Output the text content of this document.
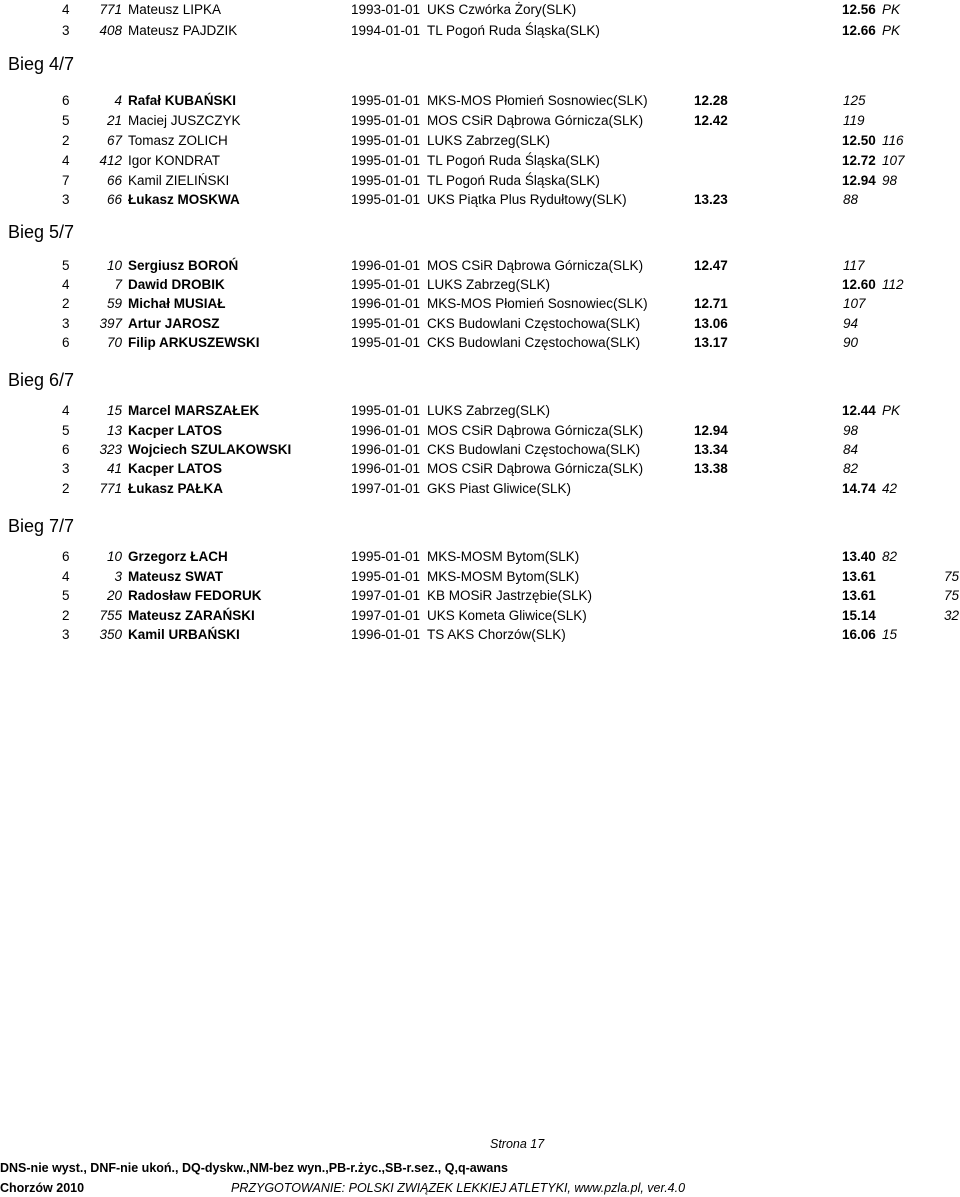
4	771 Mateusz LIPKA	1993-01-01 UKS Czwórka Żory(SLK)	12.56 PK
3	408 Mateusz PAJDZIK	1994-01-01 TL Pogoń Ruda Śląska(SLK)	12.66 PK
Bieg 4/7
6	4 Rafał KUBAŃSKI	1995-01-01 MKS-MOS Płomień Sosnowiec(SLK)	12.28	125
5	21 Maciej JUSZCZYK	1995-01-01 MOS CSiR Dąbrowa Górnicza(SLK)	12.42	119
2	67 Tomasz ZOLICH	1995-01-01 LUKS Zabrzeg(SLK)	12.50 116
4	412 Igor KONDRAT	1995-01-01 TL Pogoń Ruda Śląska(SLK)	12.72 107
7	66 Kamil ZIELIŃSKI	1995-01-01 TL Pogoń Ruda Śląska(SLK)	12.94 98
3	66 Łukasz MOSKWA	1995-01-01 UKS Piątka Plus Rydułtowy(SLK)	13.23	88
Bieg 5/7
5	10 Sergiusz BOROŃ	1996-01-01 MOS CSiR Dąbrowa Górnicza(SLK)	12.47	117
4	7 Dawid DROBIK	1995-01-01 LUKS Zabrzeg(SLK)	12.60 112
2	59 Michał MUSIAŁ	1996-01-01 MKS-MOS Płomień Sosnowiec(SLK)	12.71	107
3	397 Artur JAROSZ	1995-01-01 CKS Budowlani Częstochowa(SLK)	13.06	94
6	70 Filip ARKUSZEWSKI	1995-01-01 CKS Budowlani Częstochowa(SLK)	13.17	90
Bieg 6/7
4	15 Marcel MARSZAŁEK	1995-01-01 LUKS Zabrzeg(SLK)	12.44 PK
5	13 Kacper LATOS	1996-01-01 MOS CSiR Dąbrowa Górnicza(SLK)	12.94	98
6	323 Wojciech SZULAKOWSKI	1996-01-01 CKS Budowlani Częstochowa(SLK)	13.34	84
3	41 Kacper LATOS	1996-01-01 MOS CSiR Dąbrowa Górnicza(SLK)	13.38	82
2	771 Łukasz PAŁKA	1997-01-01 GKS Piast Gliwice(SLK)	14.74 42
Bieg 7/7
6	10 Grzegorz ŁACH	1995-01-01 MKS-MOSM Bytom(SLK)	13.40 82
4	3 Mateusz SWAT	1995-01-01 MKS-MOSM Bytom(SLK)	13.61	75
5	20 Radosław FEDORUK	1997-01-01 KB MOSiR Jastrzębie(SLK)	13.61	75
2	755 Mateusz ZARAŃSKI	1997-01-01 UKS Kometa Gliwice(SLK)	15.14	32
3	350 Kamil URBAŃSKI	1996-01-01 TS AKS Chorzów(SLK)	16.06 15
Strona 17
DNS-nie wyst., DNF-nie ukoń., DQ-dyskw.,NM-bez wyn.,PB-r.życ.,SB-r.sez., Q,q-awans
Chorzów 2010	PRZYGOTOWANIE: POLSKI ZWIĄZEK LEKKIEJ ATLETYKI, www.pzla.pl, ver.4.0
